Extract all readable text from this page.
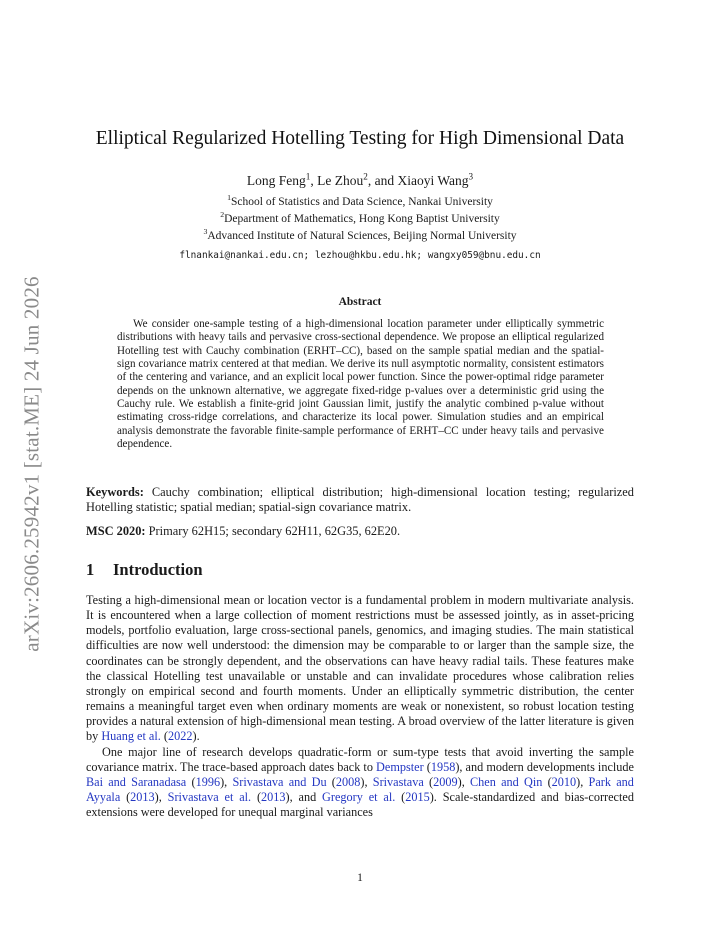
arXiv:2606.25942v1 [stat.ME] 24 Jun 2026
Elliptical Regularized Hotelling Testing for High Dimensional Data
Long Feng$^1$, Le Zhou$^2$, and Xiaoyi Wang$^3$
$^1$School of Statistics and Data Science, Nankai University
$^2$Department of Mathematics, Hong Kong Baptist University
$^3$Advanced Institute of Natural Sciences, Beijing Normal University
flnankai@nankai.edu.cn; lezhou@hkbu.edu.hk; wangxy059@bnu.edu.cn
Abstract

We consider one-sample testing of a high-dimensional location parameter under elliptically symmetric distributions with heavy tails and pervasive cross-sectional dependence. We propose an elliptical regularized Hotelling test with Cauchy combination (ERHT–CC), based on the sample spatial median and the spatial-sign covariance matrix centered at that median. We derive its null asymptotic normality, consistent estimators of the centering and variance, and an explicit local power function. Since the power-optimal ridge parameter depends on the unknown alternative, we aggregate fixed-ridge p-values over a deterministic grid using the Cauchy rule. We establish a finite-grid joint Gaussian limit, justify the analytic combined p-value without estimating cross-ridge correlations, and characterize its local power. Simulation studies and an empirical analysis demonstrate the favorable finite-sample performance of ERHT–CC under heavy tails and pervasive dependence.

Keywords: Cauchy combination; elliptical distribution; high-dimensional location testing; regularized Hotelling statistic; spatial median; spatial-sign covariance matrix.

MSC 2020: Primary 62H15; secondary 62H11, 62G35, 62E20.

1 Introduction

Testing a high-dimensional mean or location vector is a fundamental problem in modern multivariate analysis. It is encountered when a large collection of moment restrictions must be assessed jointly, as in asset-pricing models, portfolio evaluation, large cross-sectional panels, genomics, and imaging studies. The main statistical difficulties are now well understood: the dimension may be comparable to or larger than the sample size, the coordinates can be strongly dependent, and the observations can have heavy radial tails. These features make the classical Hotelling test unavailable or unstable and can invalidate procedures whose calibration relies strongly on empirical second and fourth moments. Under an elliptically symmetric distribution, the center remains a meaningful target even when ordinary moments are weak or nonexistent, so robust location testing provides a natural extension of high-dimensional mean testing. A broad overview of the latter literature is given by Huang et al. (2022).

One major line of research develops quadratic-form or sum-type tests that avoid inverting the sample covariance matrix. The trace-based approach dates back to Dempster (1958), and modern developments include Bai and Saranadasa (1996), Srivastava and Du (2008), Srivastava (2009), Chen and Qin (2010), Park and Ayyala (2013), Srivastava et al. (2013), and Gregory et al. (2015). Scale-standardized and bias-corrected extensions were developed for unequal marginal variances

1
